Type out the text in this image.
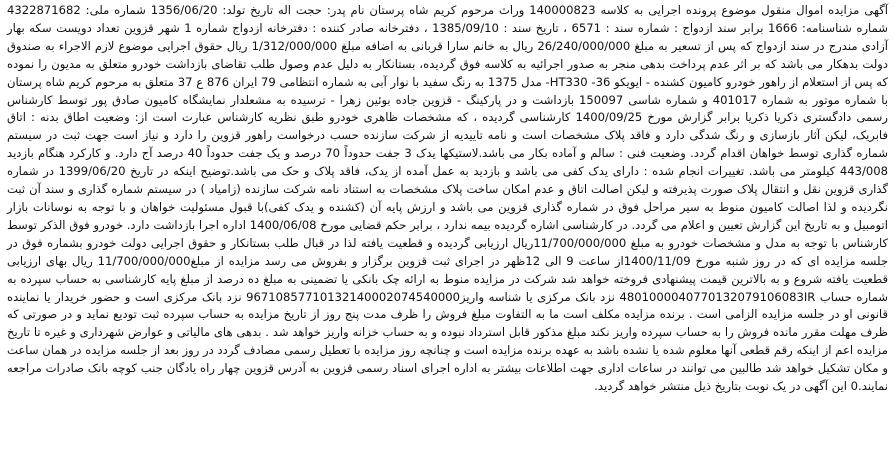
آگهی مزایده اموال منقول موضوع پرونده اجرایی به کلاسه 140000823 وراث مرحوم کریم شاه پرستان نام پدر: حجت اله تاریخ تولد: 1356/06/20 شماره ملی: 4322871682 شماره شناسنامه: 1666 برابر سند ازدواج : شماره سند : 6571 ، تاریخ سند : 1385/09/10 ، دفترخانه صادر کننده : دفترخانه ازدواج شماره 1 شهر قزوین تعداد دویست سکه بهار آزادی مندرج در سند ازدواج که پس از تسعیر به مبلغ 26/240/000/000 ریال به خانم سارا قربانی به اضافه مبلغ 1/312/000/000 ریال حقوق اجرایی موضوع لازم الاجراء به صندوق دولت بدهکار می باشد که بر اثر عدم پرداخت بدهی منجر به صدور اجرائیه به کلاسه فوق گردیده، بستانکار به دلیل عدم وصول طلب تقاضای بازداشت خودرو متعلق به مدیون را نموده که پس از استعلام از راهور خودرو کامیون کشنده - ایویکو HT330 -36- مدل 1375 به رنگ سفید با نوار آبی به شماره انتظامی 79 ایران 876 ع 37 متعلق به مرحوم کریم شاه پرستان با شماره موتور به شماره 401017 و شماره شاسی 150097 بازداشت و در پارکینگ - قزوین جاده بوئین زهرا - ترسیده به مشعلدار نمایشگاه کامیون صادق پور توسط کارشناس رسمی دادگستری ذکریا ذکریا برابر گزارش مورخ 1400/09/25 کارشناسی گردیده ، که مشخصات ظاهری خودرو طبق نظریه کارشناس عبارت است از: وضعیت اطاق بدنه : اتاق فابریک، لیکن آثار بازسازی و رنگ شدگی دارد و فاقد پلاک مشخصات است و نامه تاییدیه از شرکت سازنده حسب درخواست راهور قزوین را دارد و نیاز است جهت ثبت در سیستم شماره گذاری توسط خواهان اقدام گردد. وضعیت فنی : سالم و آماده بکار می باشد.لاستیکها یدک 3 جفت حدوداً 70 درصد و یک جفت حدوداً 40 درصد آج دارد. و کارکرد هنگام بازدید 443/008 کیلومتر می باشد. تغییرات انجام شده : دارای یدک کفی می باشد و بازدید به عمل آمده از یدک، فاقد پلاک و حک می باشد.توضیح اینکه در تاریخ 1399/06/20 در شماره گذاری قزوین نقل و انتقال پلاک صورت پذیرفته و لیکن اصالت اتاق و عدم امکان ساخت پلاک مشخصات به استناد نامه شرکت سازنده (زامیاد ) در سیستم شماره گذاری و سند آن ثبت نگردیده و لذا اصالت کامیون منوط به سیر مراحل فوق در شماره گذاری قزوین می باشد و ارزش پایه آن (کشنده و یدک کفی)با قبول مسئولیت خواهان و با توجه به نوسانات بازار اتومبیل و به تاریخ این گزارش تعیین و اعلام می گردد. در کارشناسی اشاره گردیده بیمه ندارد ، برابر حکم قضایی مورخ 1400/06/08 اداره اجرا بازداشت دارد. خودرو فوق الذکر توسط کارشناس با توجه به مدل و مشخصات خودرو به مبلغ 11/700/000/000ریال ارزیابی گردیده و قطعیت یافته لذا در قبال طلب بستانکار و حقوق اجرایی دولت خودرو بشماره فوق در جلسه مزایده ای که در روز شنبه مورخ 1400/11/09از ساعت 9 الی 12ظهر در اجرای ثبت قزوین برگزار و بفروش می رسد مزایده از مبلغ11/700/000/000 ریال بهای ارزیابی قطعیت یافته شروع و به بالاترین قیمت پیشنهادی فروخته خواهد شد شرکت در مزایده منوط به ارائه چک بانکی یا تضمینی به مبلغ ده درصد از مبلغ پایه کارشناسی به حساب سپرده به شماره حساب 4801000040770132079106083IR نزد بانک مرکزی یا شناسه واریز96710857710132140002074540000 نزد بانک مرکزی است و حضور خریدار یا نماینده قانونی او در جلسه مزایده الزامی است . برنده مزایده مکلف است ما به التفاوت مبلغ فروش را ظرف مدت پنج روز از تاریخ مزایده به حساب سپرده ثبت تودیع نماید و در صورتی که ظرف مهلت مقرر مانده فروش را به حساب سپرده واریز نکند مبلغ مذکور قابل استرداد نبوده و به حساب خزانه واریز خواهد شد . بدهی های مالیاتی و عوارض شهرداری و غیره تا تاریخ مزایده اعم از اینکه رقم قطعی آنها معلوم شده یا نشده باشد به عهده برنده مزایده است و چنانچه روز مزایده با تعطیل رسمی مصادف گردد در روز بعد از جلسه مزایده در همان ساعت و مکان تشکیل خواهد شد طالبین می توانند در ساعات اداری جهت اطلاعات بیشتر به اداره اجرای اسناد رسمی قزوین به آدرس قزوین چهار راه یادگان جنب کوچه بانک صادرات مراجعه نمایند.0 این آگهی در یک نوبت بتاریخ ذیل منتشر خواهد گردید.
